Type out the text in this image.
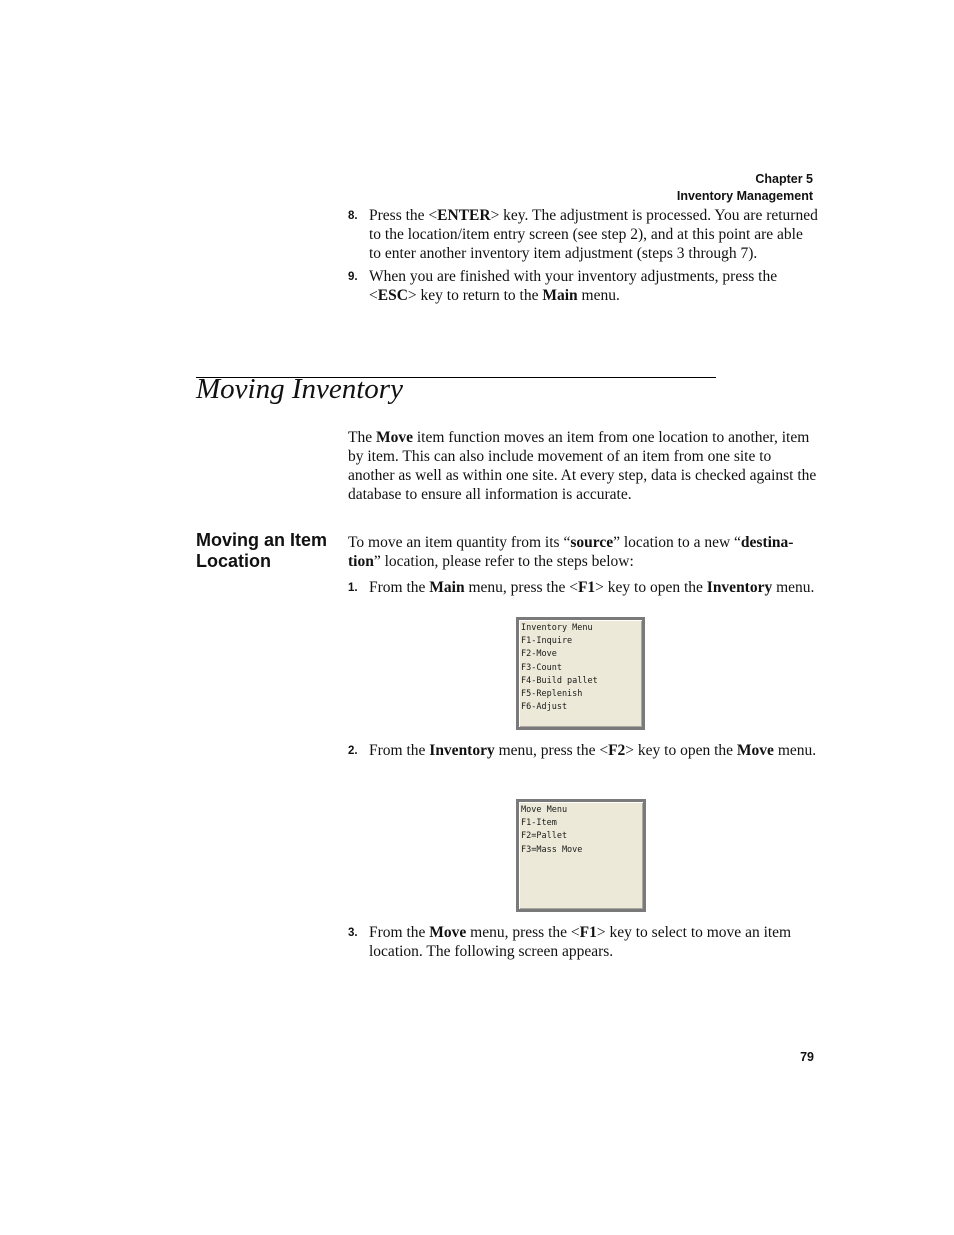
Chapter 5
Inventory Management
8. Press the <ENTER> key. The adjustment is processed. You are returned to the location/item entry screen (see step 2), and at this point are able to enter another inventory item adjustment (steps 3 through 7).
9. When you are finished with your inventory adjustments, press the <ESC> key to return to the Main menu.
Moving Inventory
The Move item function moves an item from one location to another, item by item. This can also include movement of an item from one site to another as well as within one site. At every step, data is checked against the database to ensure all information is accurate.
Moving an Item Location
To move an item quantity from its “source” location to a new “destina-tion” location, please refer to the steps below:
1. From the Main menu, press the <F1> key to open the Inventory menu.
Inventory Menu
F1-Inquire
F2-Move
F3-Count
F4-Build pallet
F5-Replenish
F6-Adjust
2. From the Inventory menu, press the <F2> key to open the Move menu.
Move Menu
F1-Item
F2=Pallet
F3=Mass Move
3. From the Move menu, press the <F1> key to select to move an item location. The following screen appears.
79
